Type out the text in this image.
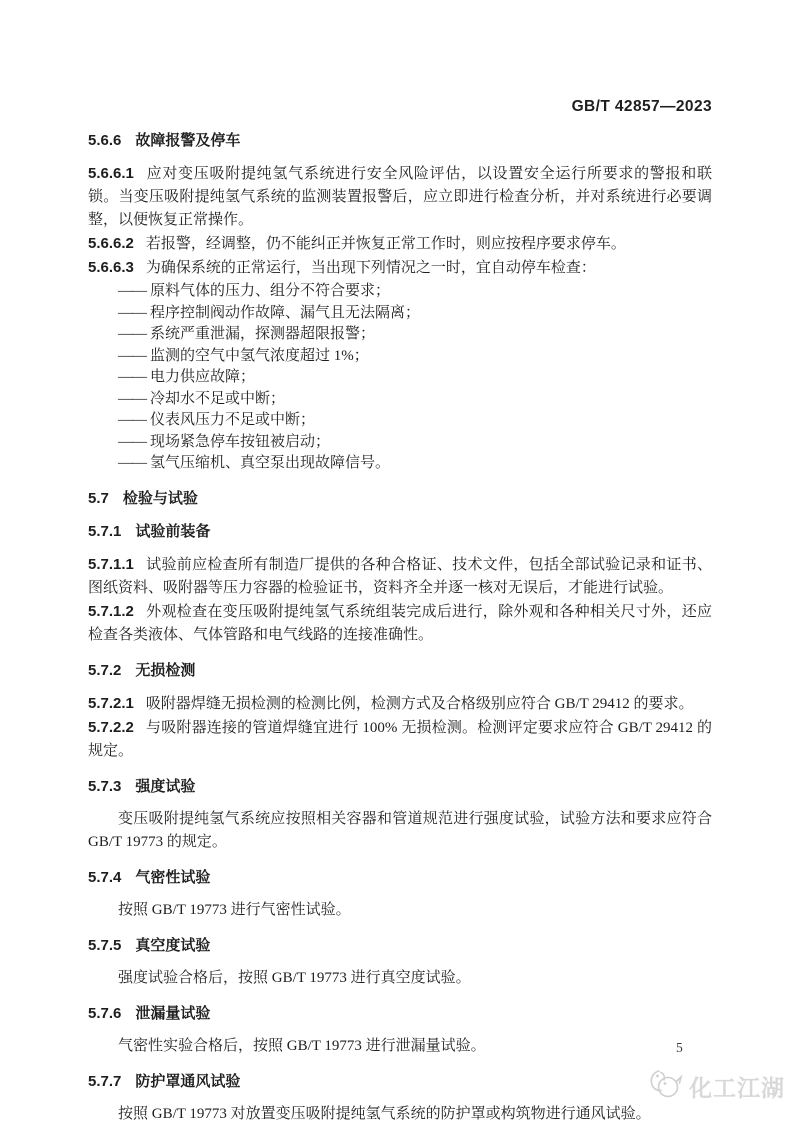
GB/T 42857—2023
5.6.6 故障报警及停车

5.6.6.1 应对变压吸附提纯氢气系统进行安全风险评估，以设置安全运行所要求的警报和联锁。当变压吸附提纯氢气系统的监测装置报警后，应立即进行检查分析，并对系统进行必要调整，以便恢复正常操作。

5.6.6.2 若报警，经调整，仍不能纠正并恢复正常工作时，则应按程序要求停车。

5.6.6.3 为确保系统的正常运行，当出现下列情况之一时，宜自动停车检查：

—— 原料气体的压力、组分不符合要求；
—— 程序控制阀动作故障、漏气且无法隔离；
—— 系统严重泄漏，探测器超限报警；
—— 监测的空气中氢气浓度超过 1%；
—— 电力供应故障；
—— 冷却水不足或中断；
—— 仪表风压力不足或中断；
—— 现场紧急停车按钮被启动；
—— 氢气压缩机、真空泵出现故障信号。
5.7 检验与试验
5.7.1 试验前装备

5.7.1.1 试验前应检查所有制造厂提供的各种合格证、技术文件，包括全部试验记录和证书、图纸资料、吸附器等压力容器的检验证书，资料齐全并逐一核对无误后，才能进行试验。

5.7.1.2 外观检查在变压吸附提纯氢气系统组装完成后进行，除外观和各种相关尺寸外，还应检查各类液体、气体管路和电气线路的连接准确性。

5.7.2 无损检测

5.7.2.1 吸附器焊缝无损检测的检测比例，检测方式及合格级别应符合 GB/T 29412 的要求。

5.7.2.2 与吸附器连接的管道焊缝宜进行 100% 无损检测。检测评定要求应符合 GB/T 29412 的规定。

5.7.3 强度试验

变压吸附提纯氢气系统应按照相关容器和管道规范进行强度试验，试验方法和要求应符合 GB/T 19773 的规定。

5.7.4 气密性试验

按照 GB/T 19773 进行气密性试验。

5.7.5 真空度试验

强度试验合格后，按照 GB/T 19773 进行真空度试验。

5.7.6 泄漏量试验

气密性实验合格后，按照 GB/T 19773 进行泄漏量试验。

5.7.7 防护罩通风试验

按照 GB/T 19773 对放置变压吸附提纯氢气系统的防护罩或构筑物进行通风试验。

5
化工江湖
